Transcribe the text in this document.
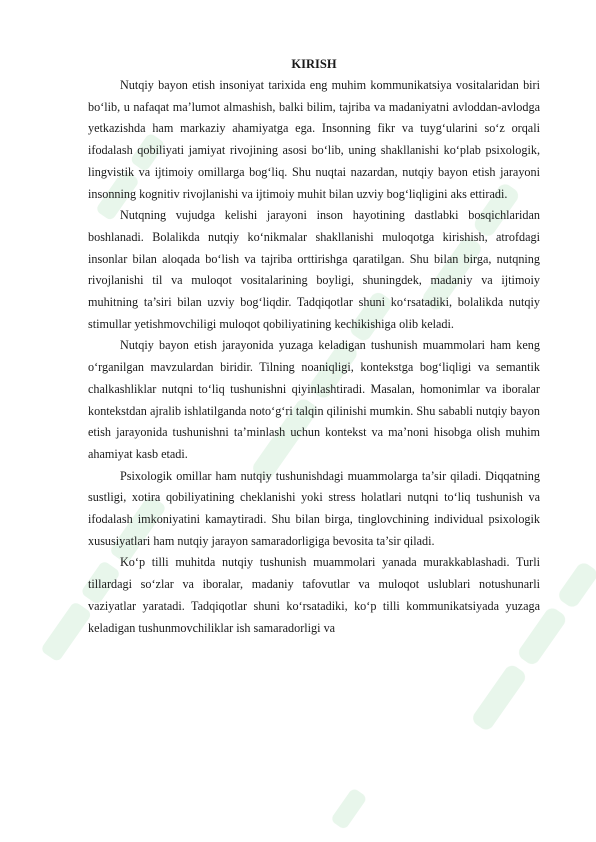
KIRISH

Nutqiy bayon etish insoniyat tarixida eng muhim kommunikatsiya vositalaridan biri bo‘lib, u nafaqat ma’lumot almashish, balki bilim, tajriba va madaniyatni avloddan-avlodga yetkazishda ham markaziy ahamiyatga ega. Insonning fikr va tuyg‘ularini so‘z orqali ifodalash qobiliyati jamiyat rivojining asosi bo‘lib, uning shakllanishi ko‘plab psixologik, lingvistik va ijtimoiy omillarga bog‘liq. Shu nuqtai nazardan, nutqiy bayon etish jarayoni insonning kognitiv rivojlanishi va ijtimoiy muhit bilan uzviy bog‘liqligini aks ettiradi.

Nutqning vujudga kelishi jarayoni inson hayotining dastlabki bosqichlaridan boshlanadi. Bolalikda nutqiy ko‘nikmalar shakllanishi muloqotga kirishish, atrofdagi insonlar bilan aloqada bo‘lish va tajriba orttirishga qaratilgan. Shu bilan birga, nutqning rivojlanishi til va muloqot vositalarining boyligi, shuningdek, madaniy va ijtimoiy muhitning ta’siri bilan uzviy bog‘liqdir. Tadqiqotlar shuni ko‘rsatadiki, bolalikda nutqiy stimullar yetishmovchiligi muloqot qobiliyatining kechikishiga olib keladi.

Nutqiy bayon etish jarayonida yuzaga keladigan tushunish muammolari ham keng o‘rganilgan mavzulardan biridir. Tilning noaniqligi, kontekstga bog‘liqligi va semantik chalkashliklar nutqni to‘liq tushunishni qiyinlashtiradi. Masalan, homonimlar va iboralar kontekstdan ajralib ishlatilganda noto‘g‘ri talqin qilinishi mumkin. Shu sababli nutqiy bayon etish jarayonida tushunishni ta’minlash uchun kontekst va ma’noni hisobga olish muhim ahamiyat kasb etadi.

Psixologik omillar ham nutqiy tushunishdagi muammolarga ta’sir qiladi. Diqqatning sustligi, xotira qobiliyatining cheklanishi yoki stress holatlari nutqni to‘liq tushunish va ifodalash imkoniyatini kamaytiradi. Shu bilan birga, tinglovchining individual psixologik xususiyatlari ham nutqiy jarayon samaradorligiga bevosita ta’sir qiladi.

Ko‘p tilli muhitda nutqiy tushunish muammolari yanada murakkablashadi. Turli tillardagi so‘zlar va iboralar, madaniy tafovutlar va muloqot uslublari notushunarli vaziyatlar yaratadi. Tadqiqotlar shuni ko‘rsatadiki, ko‘p tilli kommunikatsiyada yuzaga keladigan tushunmovchiliklar ish samaradorligi va
